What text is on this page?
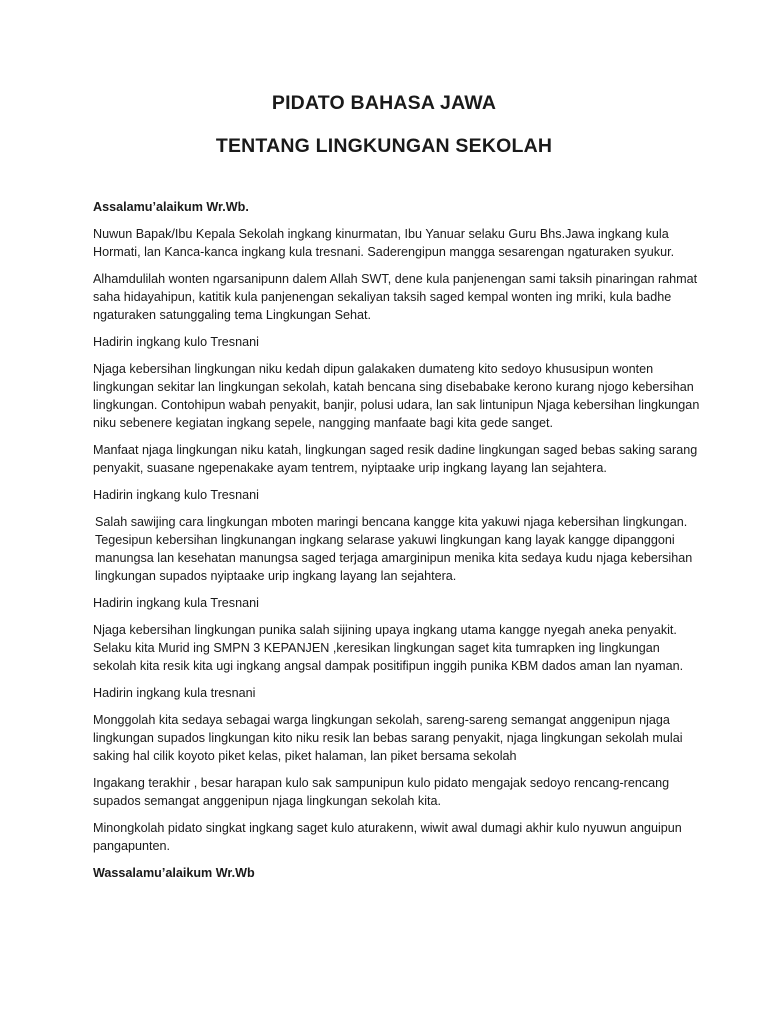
PIDATO BAHASA JAWA
TENTANG LINGKUNGAN SEKOLAH

Assalamu’alaikum Wr.Wb.

Nuwun Bapak/Ibu Kepala Sekolah ingkang kinurmatan, Ibu Yanuar selaku Guru Bhs.Jawa ingkang kula Hormati, lan Kanca-kanca ingkang kula tresnani. Saderengipun mangga sesarengan ngaturaken syukur.

Alhamdulilah wonten ngarsanipunn dalem Allah SWT, dene kula panjenengan sami taksih pinaringan rahmat saha hidayahipun, katitik kula panjenengan sekaliyan taksih saged kempal wonten ing mriki, kula badhe ngaturaken satunggaling tema Lingkungan Sehat.

Hadirin ingkang kulo Tresnani

Njaga kebersihan lingkungan niku kedah dipun galakaken dumateng kito sedoyo khususipun wonten lingkungan sekitar lan lingkungan sekolah, katah bencana sing disebabake kerono kurang njogo kebersihan lingkungan. Contohipun wabah penyakit, banjir, polusi udara, lan sak lintunipun Njaga kebersihan lingkungan niku sebenere kegiatan ingkang sepele, nangging manfaate bagi kita gede sanget.

Manfaat njaga lingkungan niku katah, lingkungan saged resik dadine lingkungan saged bebas saking sarang penyakit, suasane ngepenakake ayam tentrem, nyiptaake urip ingkang layang lan sejahtera.

Hadirin ingkang kulo Tresnani

Salah sawijing cara lingkungan mboten maringi bencana kangge kita yakuwi njaga kebersihan lingkungan. Tegesipun kebersihan lingkunangan ingkang selarase yakuwi lingkungan kang layak kangge dipanggoni manungsa lan kesehatan manungsa saged terjaga amarginipun menika kita sedaya kudu njaga kebersihan lingkungan supados nyiptaake urip ingkang layang lan sejahtera.

Hadirin ingkang kula Tresnani

Njaga kebersihan lingkungan punika salah sijining upaya ingkang utama kangge nyegah aneka penyakit. Selaku kita Murid ing SMPN 3 KEPANJEN ,keresikan lingkungan saget kita tumrapken ing lingkungan sekolah kita resik kita ugi ingkang angsal dampak positifipun inggih punika KBM dados aman lan nyaman.

Hadirin ingkang kula tresnani

Monggolah kita sedaya sebagai warga lingkungan sekolah, sareng-sareng semangat anggenipun njaga lingkungan supados lingkungan kito niku resik lan bebas sarang penyakit, njaga lingkungan sekolah mulai saking hal cilik koyoto piket kelas, piket halaman, lan piket bersama sekolah

Ingakang terakhir , besar harapan kulo sak sampunipun kulo pidato mengajak sedoyo rencang-rencang supados semangat anggenipun njaga lingkungan sekolah kita.

Minongkolah pidato singkat ingkang saget kulo aturakenn, wiwit awal dumagi akhir kulo nyuwun anguipun pangapunten.

Wassalamu’alaikum Wr.Wb
